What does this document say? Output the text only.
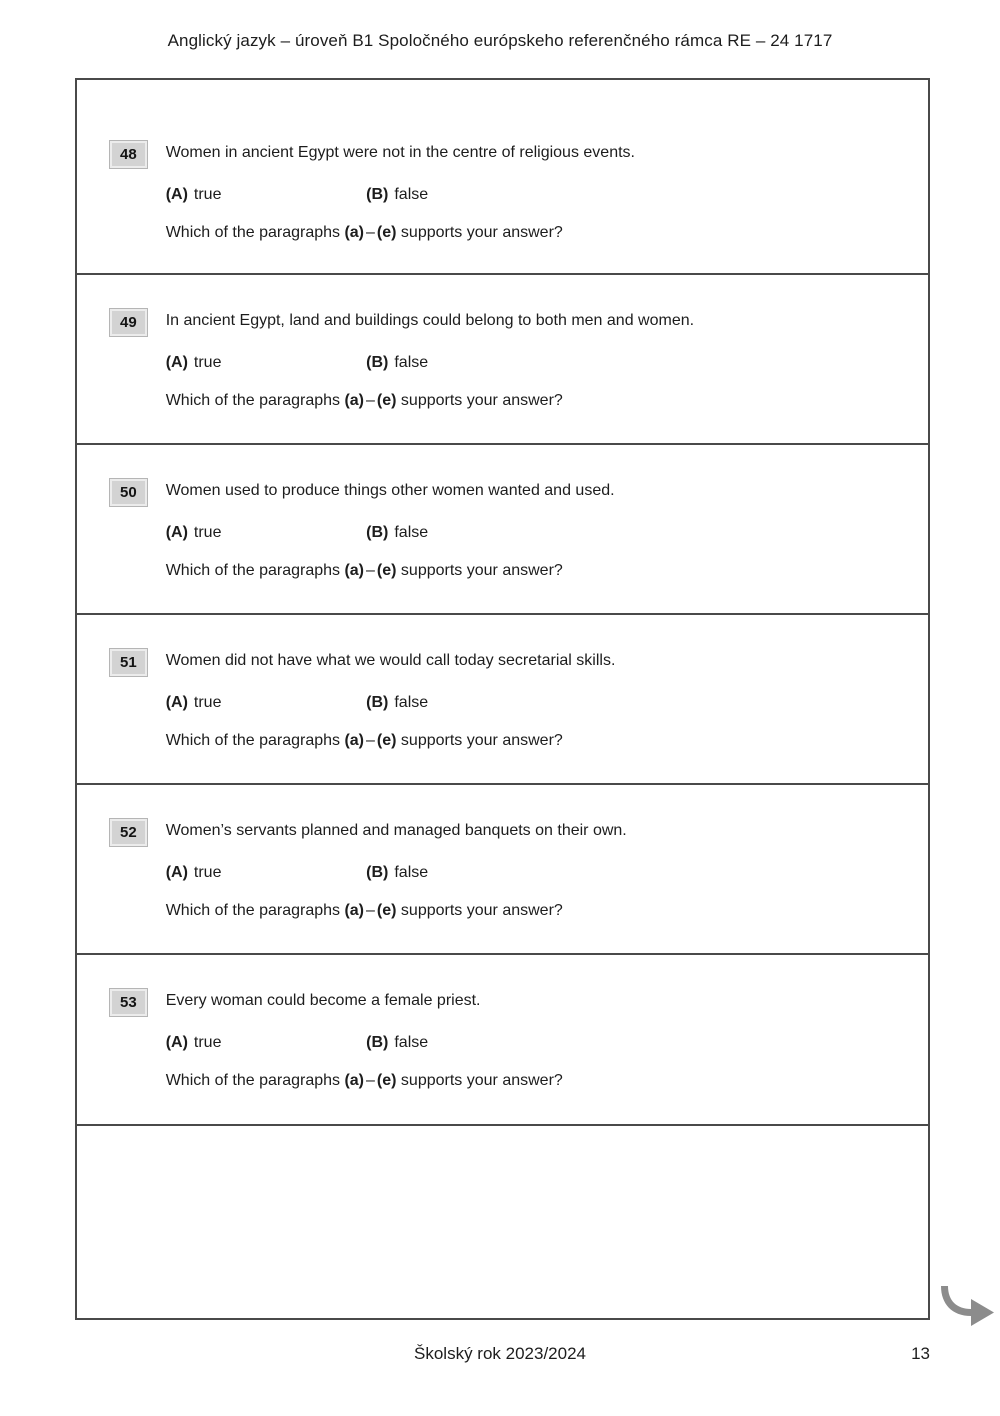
Anglický jazyk – úroveň B1 Spoločného európskeho referenčného rámca RE – 24 1717
48	Women in ancient Egypt were not in the centre of religious events.

(A) true	(B) false

Which of the paragraphs (a) – (e) supports your answer?

49	In ancient Egypt, land and buildings could belong to both men and women.

(A) true	(B) false

Which of the paragraphs (a) – (e) supports your answer?

50	Women used to produce things other women wanted and used.

(A) true	(B) false

Which of the paragraphs (a) – (e) supports your answer?

51	Women did not have what we would call today secretarial skills.

(A) true	(B) false

Which of the paragraphs (a) – (e) supports your answer?

52	Women’s servants planned and managed banquets on their own.

(A) true	(B) false

Which of the paragraphs (a) – (e) supports your answer?

53	Every woman could become a female priest.

(A) true	(B) false

Which of the paragraphs (a) – (e) supports your answer?

Školský rok 2023/2024	13
